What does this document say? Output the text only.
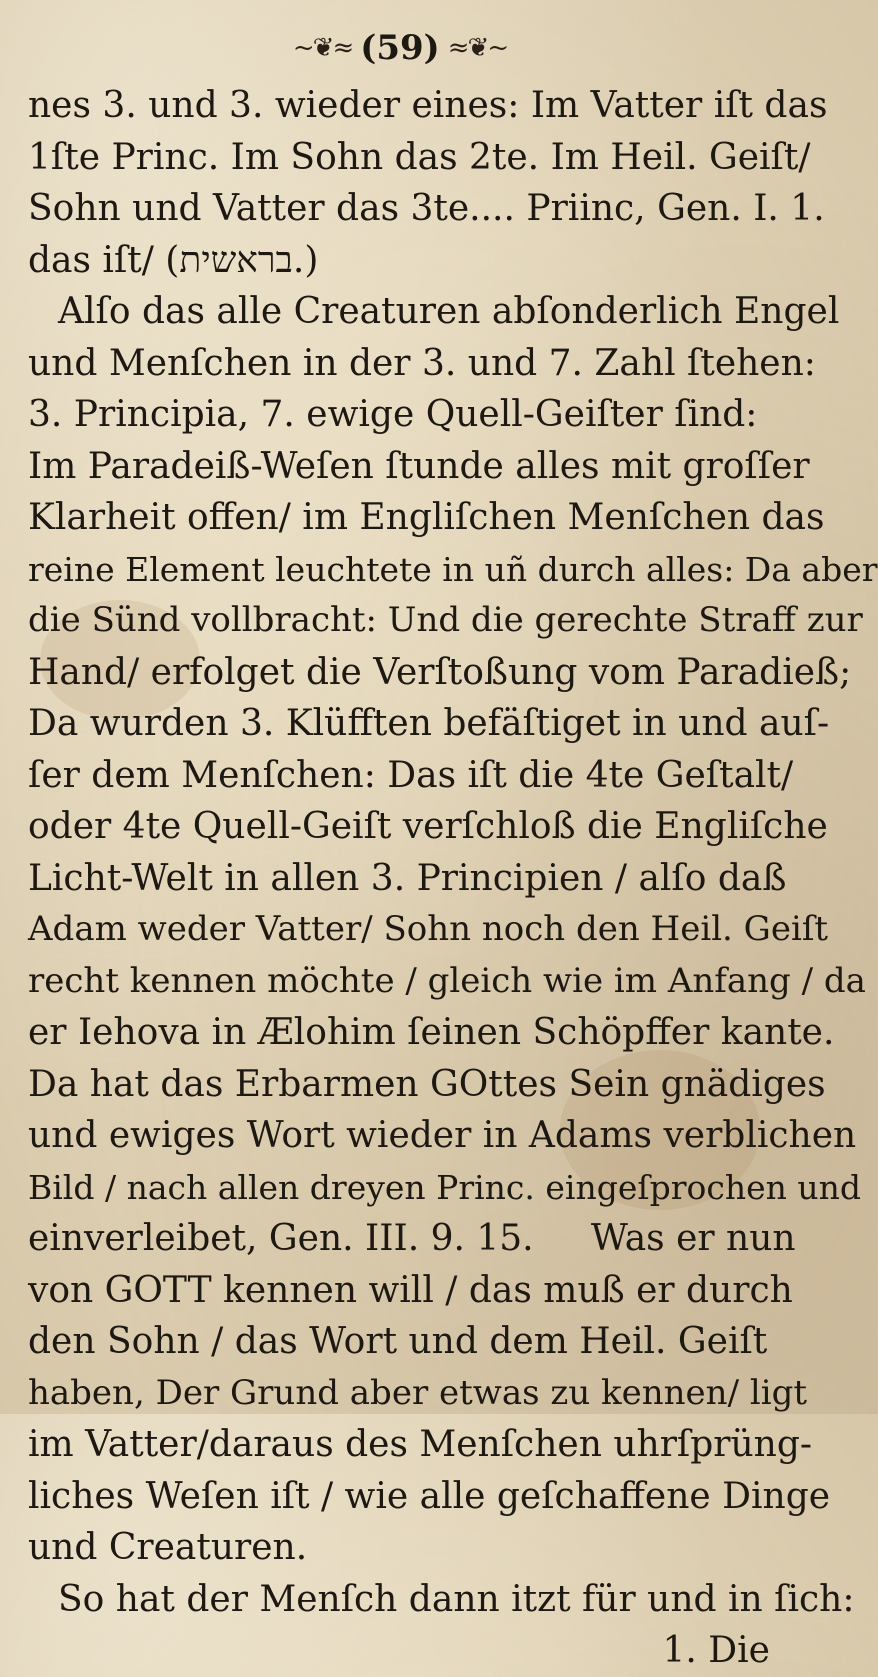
~❦≈ (59) ≈❦~
nes 3. und 3. wieder eines: Im Vatter iſt das
1ſte Princ. Im Sohn das 2te. Im Heil. Geiſt/
Sohn und Vatter das 3te.... Priinc, Gen. I. 1.
das iſt/ (בראשית.)
Alſo das alle Creaturen abſonderlich Engel
und Menſchen in der 3. und 7. Zahl ſtehen:
3. Principia, 7. ewige Quell-Geiſter ſind:
Im Paradeiß-Weſen ſtunde alles mit groſſer
Klarheit offen/ im Engliſchen Menſchen das
reine Element leuchtete in uñ durch alles: Da aber
die Sünd vollbracht: Und die gerechte Straff zur
Hand/ erfolget die Verſtoßung vom Paradieß;
Da wurden 3. Klüfften befäſtiget in und auſ-
ſer dem Menſchen: Das iſt die 4te Geſtalt/
oder 4te Quell-Geiſt verſchloß die Engliſche
Licht-Welt in allen 3. Principien / alſo daß
Adam weder Vatter/ Sohn noch den Heil. Geiſt
recht kennen möchte / gleich wie im Anfang / da
er Iehova in Ælohim ſeinen Schöpffer kante.
Da hat das Erbarmen GOttes Sein gnädiges
und ewiges Wort wieder in Adams verblichen
Bild / nach allen dreyen Princ. eingeſprochen und
einverleibet, Gen. III. 9. 15.     Was er nun
von GOTT kennen will / das muß er durch
den Sohn / das Wort und dem Heil. Geiſt
haben, Der Grund aber etwas zu kennen/ ligt
im Vatter/daraus des Menſchen uhrſprüng-
liches Weſen iſt / wie alle geſchaffene Dinge
und Creaturen.
So hat der Menſch dann itzt für und in ſich:
1. Die
